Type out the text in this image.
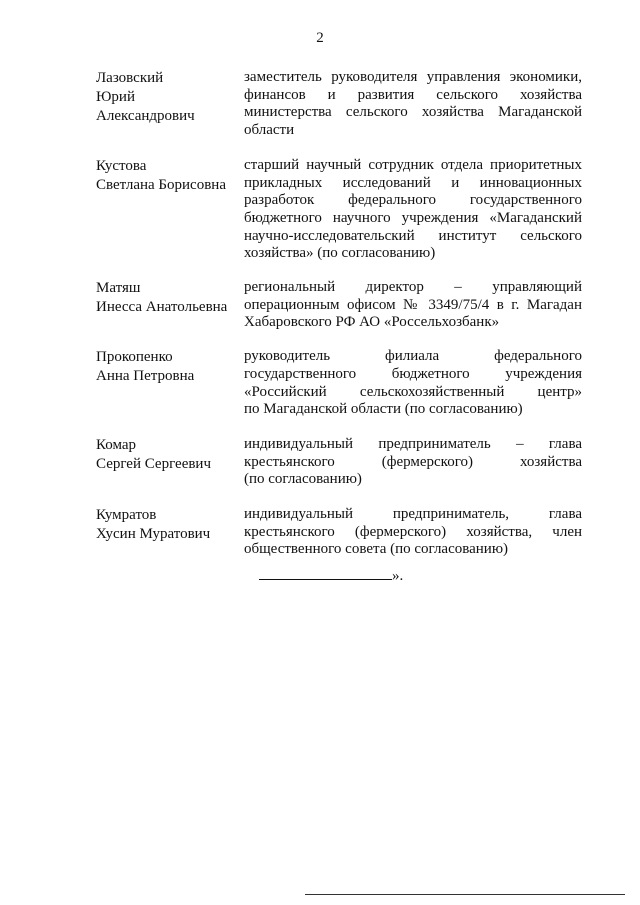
2
Лазовский
Юрий
Александрович
заместитель руководителя управления экономики,
финансов и развития сельского хозяйства
министерства сельского хозяйства Магаданской
области
Кустова
Светлана Борисовна
старший научный сотрудник отдела приоритетных
прикладных исследований и инновационных
разработок федерального государственного
бюджетного научного учреждения «Магаданский
научно-исследовательский институт сельского
хозяйства» (по согласованию)
Матяш
Инесса Анатольевна
региональный директор – управляющий
операционным офисом № 3349/75/4 в г. Магадан
Хабаровского РФ АО «Россельхозбанк»
Прокопенко
Анна Петровна
руководитель филиала федерального
государственного бюджетного учреждения
«Российский сельскохозяйственный центр»
по Магаданской области (по согласованию)
Комар
Сергей Сергеевич
индивидуальный предприниматель – глава
крестьянского (фермерского) хозяйства
(по согласованию)
Кумратов
Хусин Муратович
индивидуальный предприниматель, глава
крестьянского (фермерского) хозяйства, член
общественного совета (по согласованию)
».
